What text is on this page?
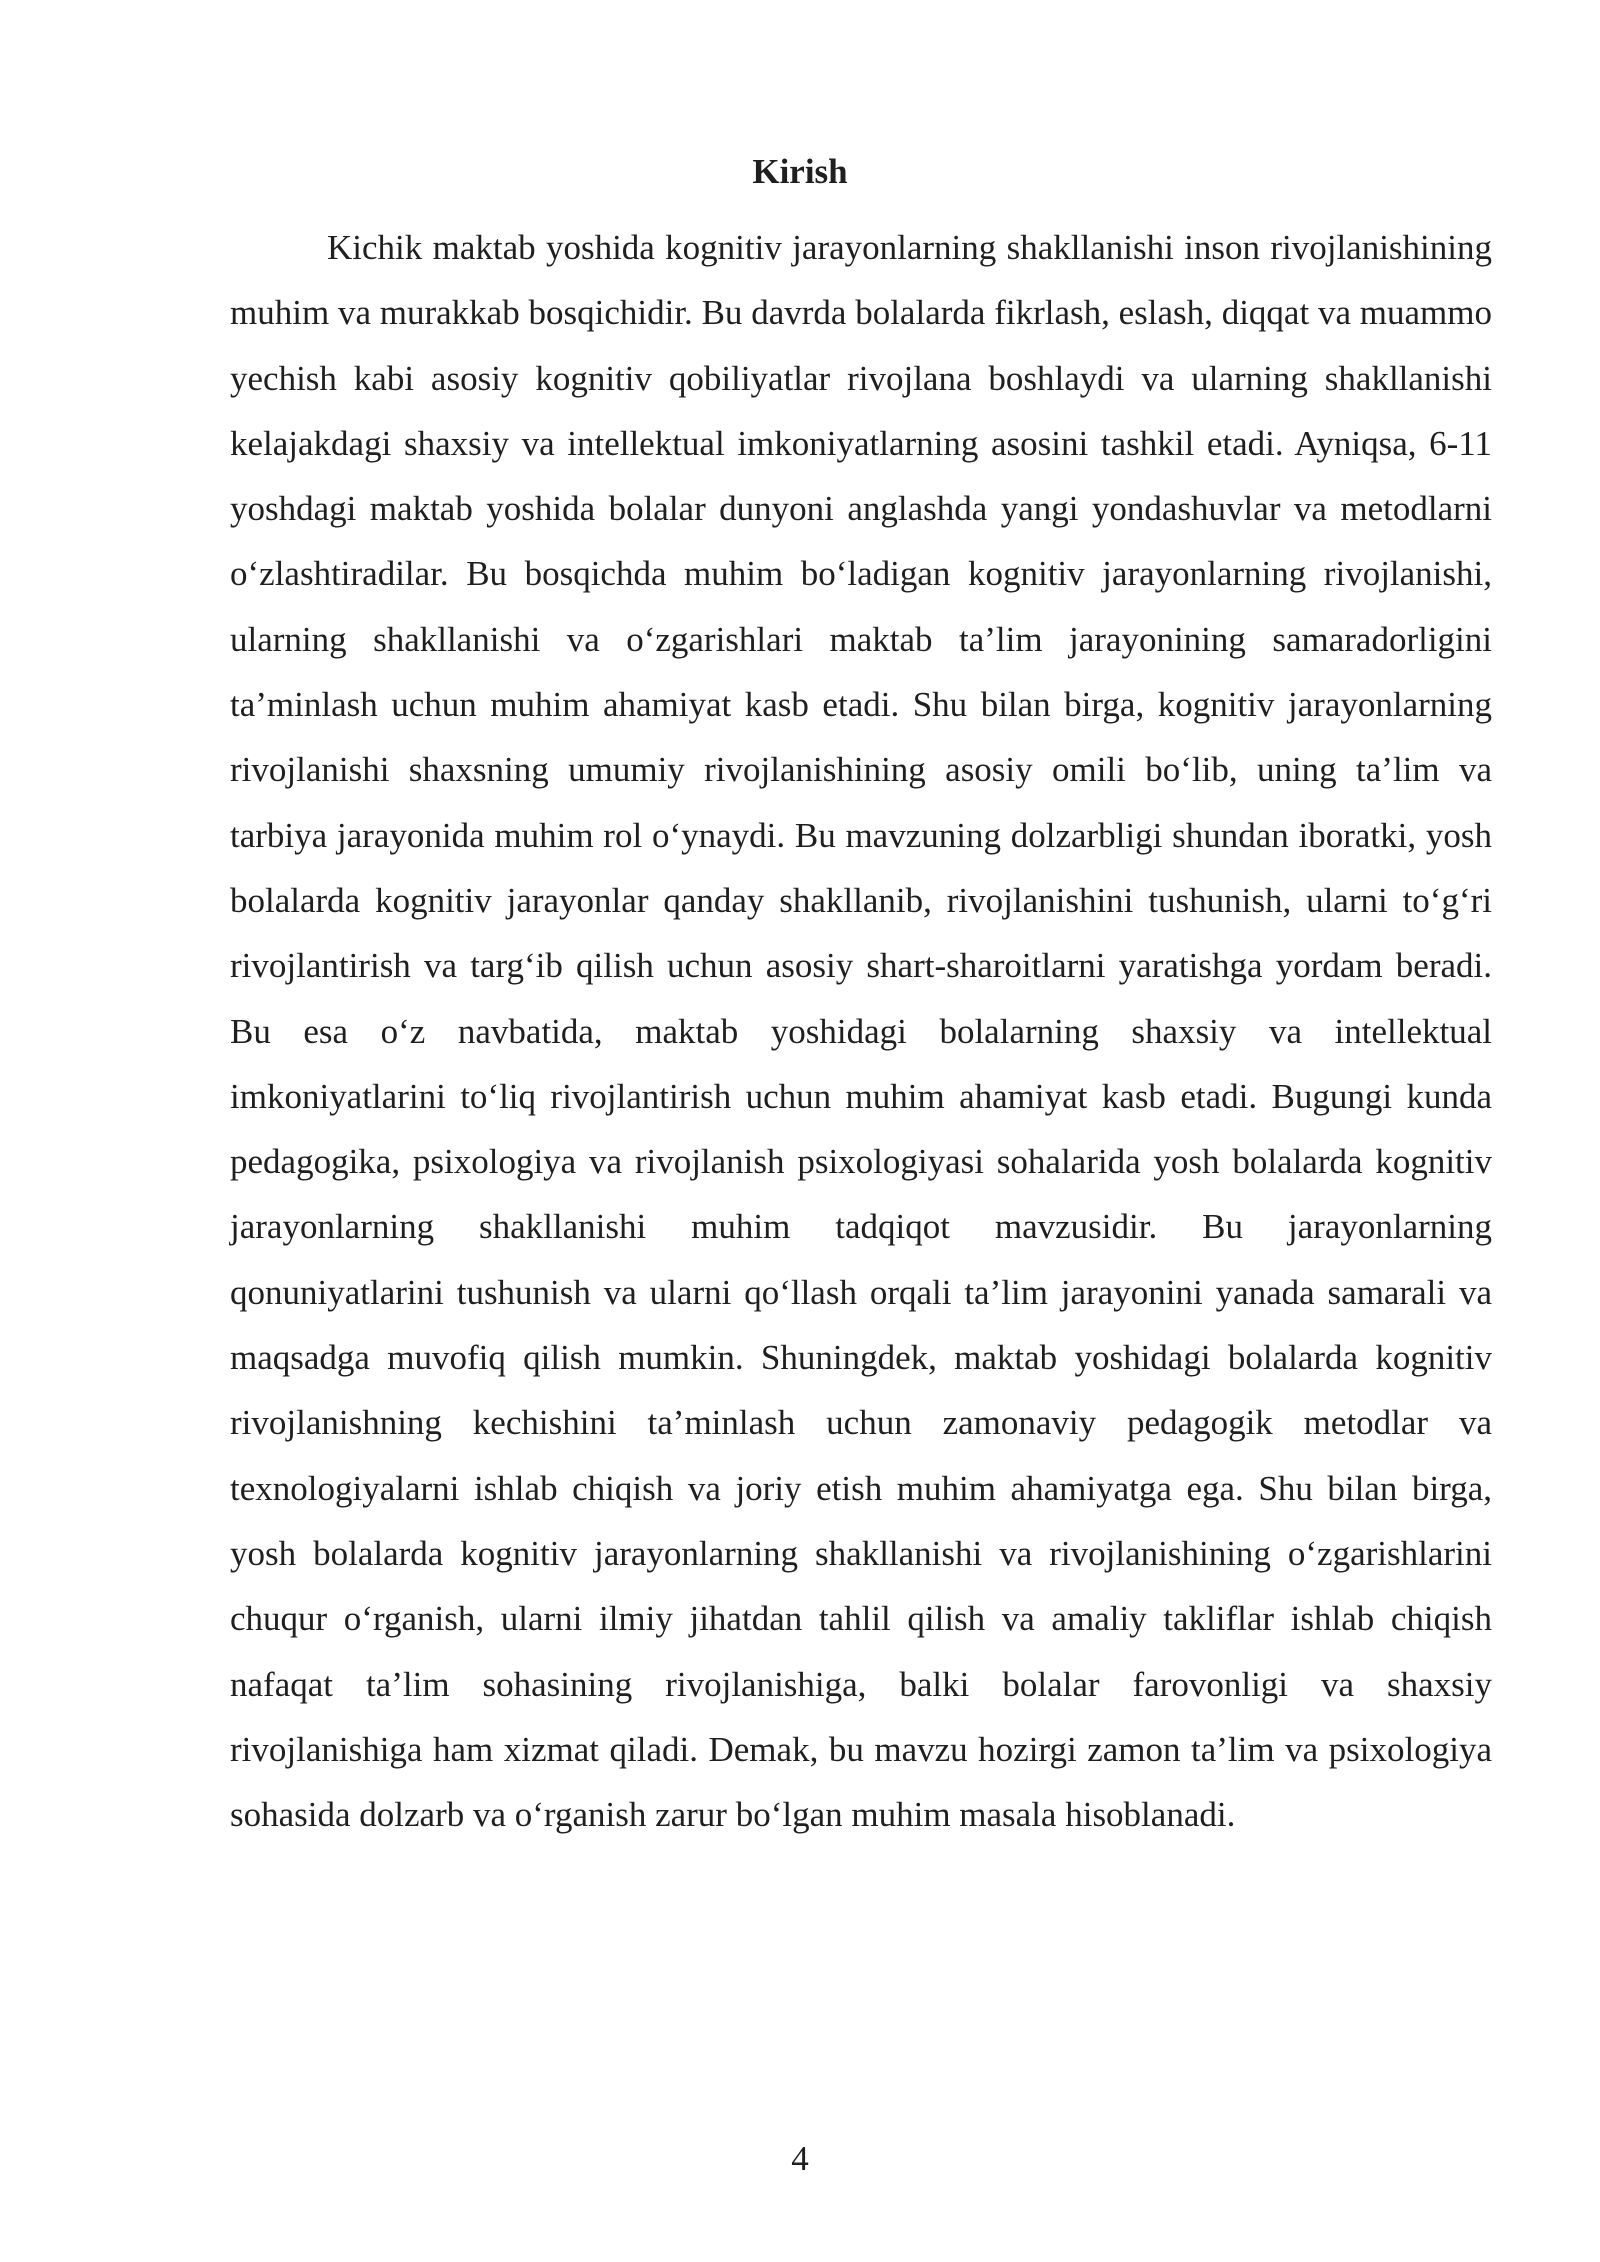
Kirish

Kichik maktab yoshida kognitiv jarayonlarning shakllanishi inson rivojlanishining muhim va murakkab bosqichidir. Bu davrda bolalarda fikrlash, eslash, diqqat va muammo yechish kabi asosiy kognitiv qobiliyatlar rivojlana boshlaydi va ularning shakllanishi kelajakdagi shaxsiy va intellektual imkoniyatlarning asosini tashkil etadi. Ayniqsa, 6-11 yoshdagi maktab yoshida bolalar dunyoni anglashda yangi yondashuvlar va metodlarni o‘zlashtiradilar. Bu bosqichda muhim bo‘ladigan kognitiv jarayonlarning rivojlanishi, ularning shakllanishi va o‘zgarishlari maktab ta’lim jarayonining samaradorligini ta’minlash uchun muhim ahamiyat kasb etadi. Shu bilan birga, kognitiv jarayonlarning rivojlanishi shaxsning umumiy rivojlanishining asosiy omili bo‘lib, uning ta’lim va tarbiya jarayonida muhim rol o‘ynaydi. Bu mavzuning dolzarbligi shundan iboratki, yosh bolalarda kognitiv jarayonlar qanday shakllanib, rivojlanishini tushunish, ularni to‘g‘ri rivojlantirish va targ‘ib qilish uchun asosiy shart-sharoitlarni yaratishga yordam beradi. Bu esa o‘z navbatida, maktab yoshidagi bolalarning shaxsiy va intellektual imkoniyatlarini to‘liq rivojlantirish uchun muhim ahamiyat kasb etadi. Bugungi kunda pedagogika, psixologiya va rivojlanish psixologiyasi sohalarida yosh bolalarda kognitiv jarayonlarning shakllanishi muhim tadqiqot mavzusidir. Bu jarayonlarning qonuniyatlarini tushunish va ularni qo‘llash orqali ta’lim jarayonini yanada samarali va maqsadga muvofiq qilish mumkin. Shuningdek, maktab yoshidagi bolalarda kognitiv rivojlanishning kechishini ta’minlash uchun zamonaviy pedagogik metodlar va texnologiyalarni ishlab chiqish va joriy etish muhim ahamiyatga ega. Shu bilan birga, yosh bolalarda kognitiv jarayonlarning shakllanishi va rivojlanishining o‘zgarishlarini chuqur o‘rganish, ularni ilmiy jihatdan tahlil qilish va amaliy takliflar ishlab chiqish nafaqat ta’lim sohasining rivojlanishiga, balki bolalar farovonligi va shaxsiy rivojlanishiga ham xizmat qiladi. Demak, bu mavzu hozirgi zamon ta’lim va psixologiya sohasida dolzarb va o‘rganish zarur bo‘lgan muhim masala hisoblanadi.

4
